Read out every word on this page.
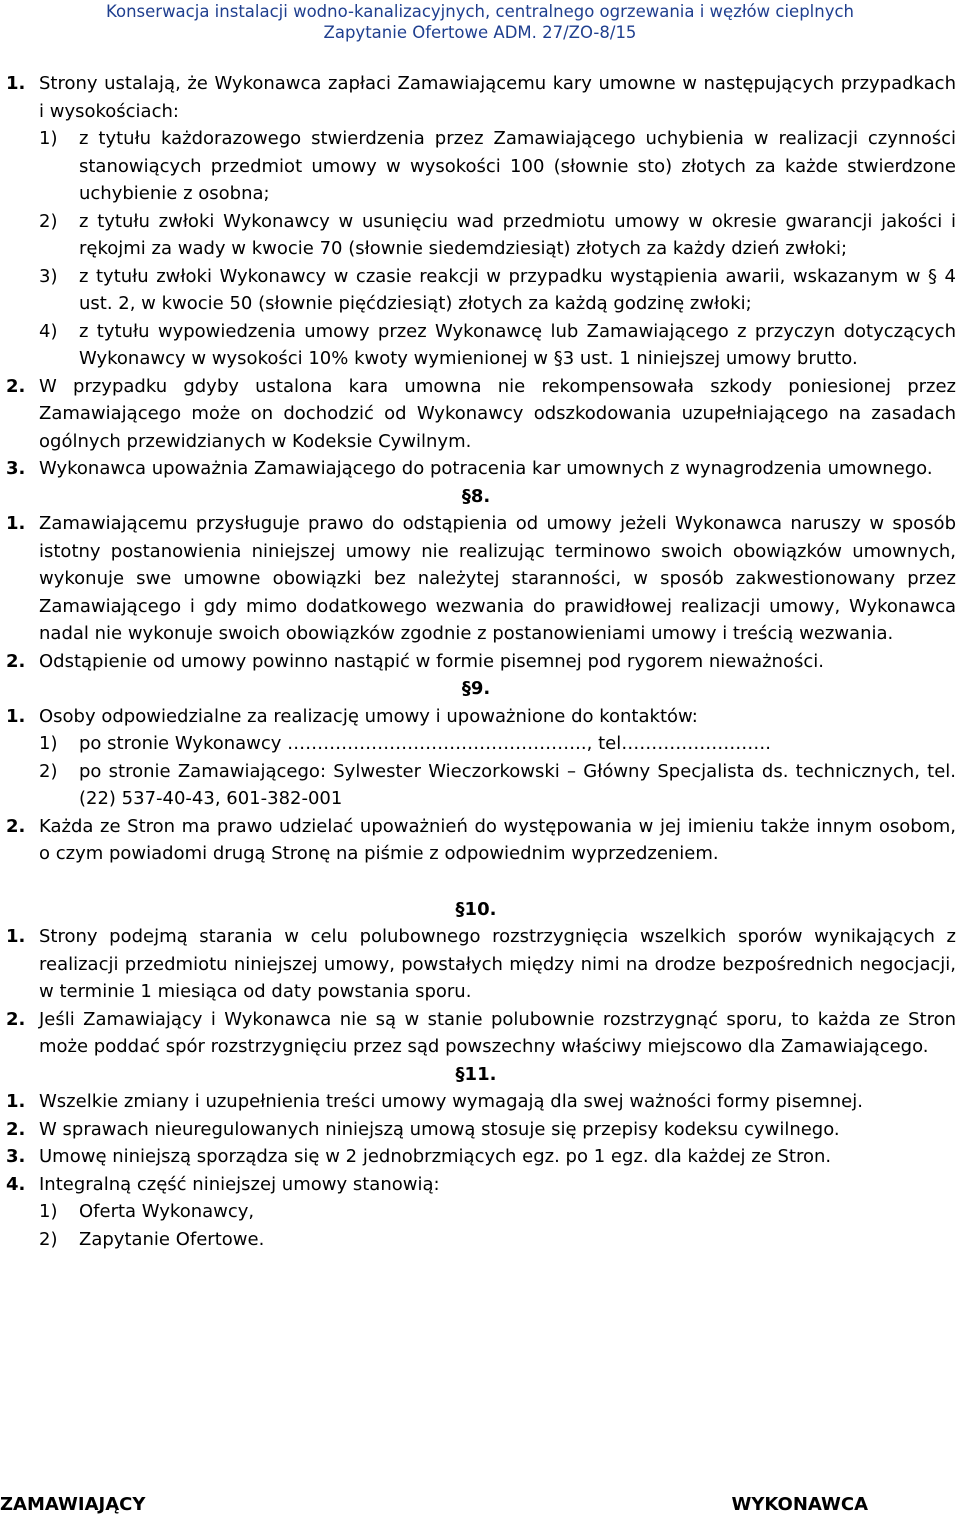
Konserwacja instalacji wodno-kanalizacyjnych, centralnego ogrzewania i węzłów cieplnych
Zapytanie Ofertowe ADM. 27/ZO-8/15
1. Strony ustalają, że Wykonawca zapłaci Zamawiającemu kary umowne w następujących przypadkach i wysokościach:
1) z tytułu każdorazowego stwierdzenia przez Zamawiającego uchybienia w realizacji czynności stanowiących przedmiot umowy w wysokości 100 (słownie sto) złotych za każde stwierdzone uchybienie z osobna;
2) z tytułu zwłoki Wykonawcy w usunięciu wad przedmiotu umowy w okresie gwarancji jakości i rękojmi za wady w kwocie 70 (słownie siedemdziesiąt) złotych za każdy dzień zwłoki;
3) z tytułu zwłoki Wykonawcy w czasie reakcji w przypadku wystąpienia awarii, wskazanym w § 4 ust. 2, w kwocie 50 (słownie pięćdziesiąt) złotych za każdą godzinę zwłoki;
4) z tytułu wypowiedzenia umowy przez Wykonawcę lub Zamawiającego z przyczyn dotyczących Wykonawcy w wysokości 10% kwoty wymienionej w §3 ust. 1 niniejszej umowy brutto.
2. W przypadku gdyby ustalona kara umowna nie rekompensowała szkody poniesionej przez Zamawiającego może on dochodzić od Wykonawcy odszkodowania uzupełniającego na zasadach ogólnych przewidzianych w Kodeksie Cywilnym.
3. Wykonawca upoważnia Zamawiającego do potracenia kar umownych z wynagrodzenia umownego.
§8.
1. Zamawiającemu przysługuje prawo do odstąpienia od umowy jeżeli Wykonawca naruszy w sposób istotny postanowienia niniejszej umowy nie realizując terminowo swoich obowiązków umownych, wykonuje swe umowne obowiązki bez należytej staranności, w sposób zakwestionowany przez Zamawiającego i gdy mimo dodatkowego wezwania do prawidłowej realizacji umowy, Wykonawca nadal nie wykonuje swoich obowiązków zgodnie z postanowieniami umowy i treścią wezwania.
2. Odstąpienie od umowy powinno nastąpić w formie pisemnej pod rygorem nieważności.
§9.
1. Osoby odpowiedzialne za realizację umowy i upoważnione do kontaktów:
1) po stronie Wykonawcy ………………………………………….., tel…………………….
2) po stronie Zamawiającego: Sylwester Wieczorkowski – Główny Specjalista ds. technicznych, tel. (22) 537-40-43, 601-382-001
2. Każda ze Stron ma prawo udzielać upoważnień do występowania w jej imieniu także innym osobom, o czym powiadomi drugą Stronę na piśmie z odpowiednim wyprzedzeniem.
§10.
1. Strony podejmą starania w celu polubownego rozstrzygnięcia wszelkich sporów wynikających z realizacji przedmiotu niniejszej umowy, powstałych między nimi na drodze bezpośrednich negocjacji, w terminie 1 miesiąca od daty powstania sporu.
2. Jeśli Zamawiający i Wykonawca nie są w stanie polubownie rozstrzygnąć sporu, to każda ze Stron może poddać spór rozstrzygnięciu przez sąd powszechny właściwy miejscowo dla Zamawiającego.
§11.
1. Wszelkie zmiany i uzupełnienia treści umowy wymagają dla swej ważności formy pisemnej.
2. W sprawach nieuregulowanych niniejszą umową stosuje się przepisy kodeksu cywilnego.
3. Umowę niniejszą sporządza się w 2 jednobrzmiących egz. po 1 egz. dla każdej ze Stron.
4. Integralną część niniejszej umowy stanowią:
1) Oferta Wykonawcy,
2) Zapytanie Ofertowe.
ZAMAWIAJĄCY	WYKONAWCA
